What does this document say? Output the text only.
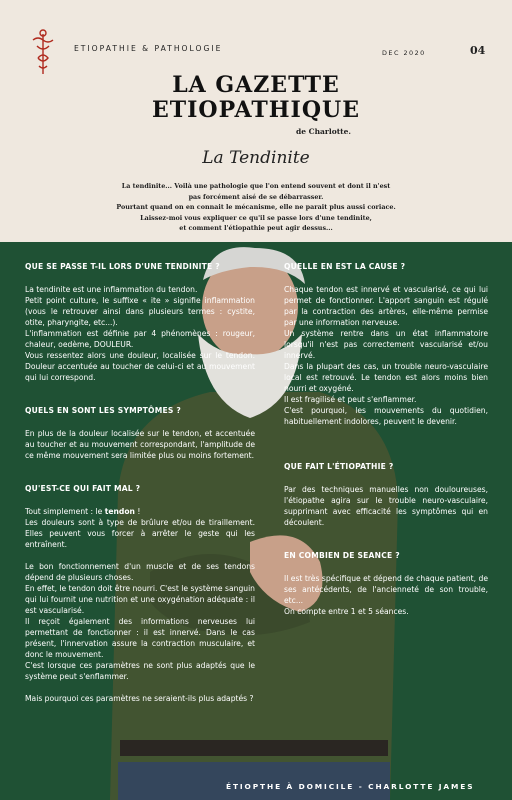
ETIOPATHIE & PATHOLOGIE	DEC 2020	04
LA GAZETTE
ETIOPATHIQUE
de Charlotte.
La Tendinite
La tendinite... Voilà une pathologie que l'on entend souvent et dont il n'est
pas forcément aisé de se débarrasser.
Pourtant quand on en connait le mécanisme, elle ne parait plus aussi coriace.
Laissez-moi vous expliquer ce qu'il se passe lors d'une tendinite,
et comment l'étiopathie peut agir dessus...
QUE SE PASSE T-IL LORS D'UNE TENDINITE ?

La tendinite est une inflammation du tendon.

Petit point culture, le suffixe « ite » signifie inflammation (vous le retrouver ainsi dans plusieurs termes : cystite, otite, pharyngite, etc...).

L'inflammation est définie par 4 phénomènes : rougeur, chaleur, oedème, DOULEUR.

Vous ressentez alors une douleur, localisée sur le tendon. Douleur accentuée au toucher de celui-ci et au mouvement qui lui correspond.

QUELS EN SONT LES SYMPTÔMES ?

En plus de la douleur localisée sur le tendon, et accentuée au toucher et au mouvement correspondant, l'amplitude de ce même mouvement sera limitée plus ou moins fortement.

QU'EST-CE QUI FAIT MAL ?

Tout simplement : le tendon !

Les douleurs sont à type de brûlure et/ou de tiraillement. Elles peuvent vous forcer à arrêter le geste qui les entraînent.

Le bon fonctionnement d'un muscle et de ses tendons dépend de plusieurs choses.

En effet, le tendon doit être nourri. C'est le système sanguin qui lui fournit une nutrition et une oxygénation adéquate : il est vascularisé.

Il reçoit également des informations nerveuses lui permettant de fonctionner : il est innervé. Dans le cas présent, l'innervation assure la contraction musculaire, et donc le mouvement.

C'est lorsque ces paramètres ne sont plus adaptés que le système peut s'enflammer.

Mais pourquoi ces paramètres ne seraient-ils plus adaptés ?

QUELLE EN EST LA CAUSE ?

Chaque tendon est innervé et vascularisé, ce qui lui permet de fonctionner. L'apport sanguin est régulé par la contraction des artères, elle-même permise par une information nerveuse.

Un système rentre dans un état inflammatoire lorsqu'il n'est pas correctement vascularisé et/ou innervé.

Dans la plupart des cas, un trouble neuro-vasculaire local est retrouvé. Le tendon est alors moins bien nourri et oxygéné.

Il est fragilisé et peut s'enflammer.

C'est pourquoi, les mouvements du quotidien, habituellement indolores, peuvent le devenir.

QUE FAIT L'ÉTIOPATHIE ?

Par des techniques manuelles non douloureuses, l'étiopathe agira sur le trouble neuro-vasculaire, supprimant avec efficacité les symptômes qui en découlent.

EN COMBIEN DE SEANCE ?

Il est très spécifique et dépend de chaque patient, de ses antécédents, de l'ancienneté de son trouble, etc...

On compte entre 1 et 5 séances.

ÉTIOPTHE À DOMICILE - CHARLOTTE JAMES
